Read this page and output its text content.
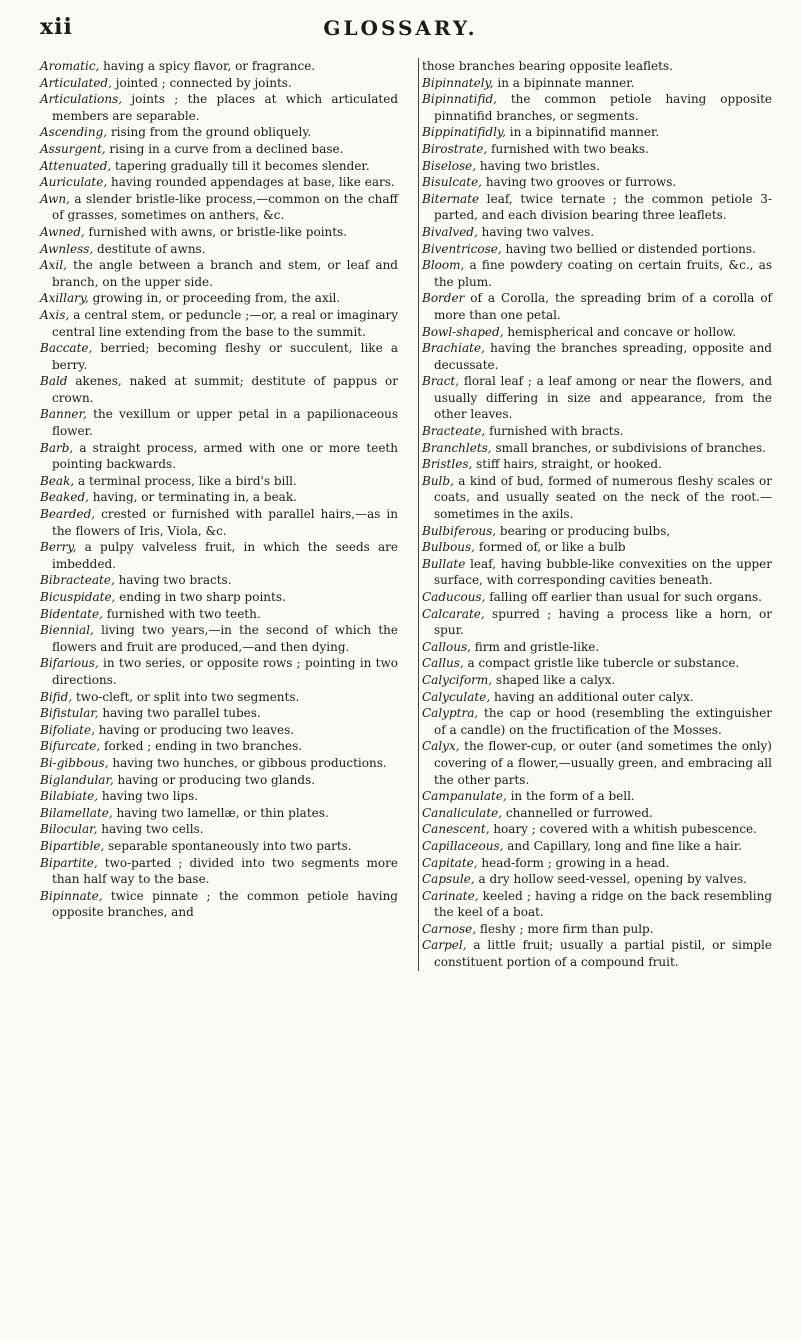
xii	GLOSSARY.

Aromatic, having a spicy flavor, or fragrance.

Articulated, jointed ; connected by joints.

Articulations, joints ; the places at which articulated members are separable.

Ascending, rising from the ground obliquely.

Assurgent, rising in a curve from a declined base.

Attenuated, tapering gradually till it becomes slender.

Auriculate, having rounded appendages at base, like ears.

Awn, a slender bristle-like process,—common on the chaff of grasses, sometimes on anthers, &c.

Awned, furnished with awns, or bristle-like points.

Awnless, destitute of awns.

Axil, the angle between a branch and stem, or leaf and branch, on the upper side.

Axillary, growing in, or proceeding from, the axil.

Axis, a central stem, or peduncle ;—or, a real or imaginary central line extending from the base to the summit.

Baccate, berried; becoming fleshy or succulent, like a berry.

Bald akenes, naked at summit; destitute of pappus or crown.

Banner, the vexillum or upper petal in a papilionaceous flower.

Barb, a straight process, armed with one or more teeth pointing backwards.

Beak, a terminal process, like a bird's bill.

Beaked, having, or terminating in, a beak.

Bearded, crested or furnished with parallel hairs,—as in the flowers of Iris, Viola, &c.

Berry, a pulpy valveless fruit, in which the seeds are imbedded.

Bibracteate, having two bracts.

Bicuspidate, ending in two sharp points.

Bidentate, furnished with two teeth.

Biennial, living two years,—in the second of which the flowers and fruit are produced,—and then dying.

Bifarious, in two series, or opposite rows ; pointing in two directions.

Bifid, two-cleft, or split into two segments.

Bifistular, having two parallel tubes.

Bifoliate, having or producing two leaves.

Bifurcate, forked ; ending in two branches.

Bi-gibbous, having two hunches, or gibbous productions.

Biglandular, having or producing two glands.

Bilabiate, having two lips.

Bilamellate, having two lamellæ, or thin plates.

Bilocular, having two cells.

Bipartible, separable spontaneously into two parts.

Bipartite, two-parted ; divided into two segments more than half way to the base.

Bipinnate, twice pinnate ; the common petiole having opposite branches, and

those branches bearing opposite leaflets.

Bipinnately, in a bipinnate manner.

Bipinnatifid, the common petiole having opposite pinnatifid branches, or segments.

Bippinatifidly, in a bipinnatifid manner.

Birostrate, furnished with two beaks.

Biselose, having two bristles.

Bisulcate, having two grooves or furrows.

Biternate leaf, twice ternate ; the common petiole 3-parted, and each division bearing three leaflets.

Bivalved, having two valves.

Biventricose, having two bellied or distended portions.

Bloom, a fine powdery coating on certain fruits, &c., as the plum.

Border of a Corolla, the spreading brim of a corolla of more than one petal.

Bowl-shaped, hemispherical and concave or hollow.

Brachiate, having the branches spreading, opposite and decussate.

Bract, floral leaf ; a leaf among or near the flowers, and usually differing in size and appearance, from the other leaves.

Bracteate, furnished with bracts.

Branchlets, small branches, or subdivisions of branches.

Bristles, stiff hairs, straight, or hooked.

Bulb, a kind of bud, formed of numerous fleshy scales or coats, and usually seated on the neck of the root.—sometimes in the axils.

Bulbiferous, bearing or producing bulbs,

Bulbous, formed of, or like a bulb

Bullate leaf, having bubble-like convexities on the upper surface, with corresponding cavities beneath.

Caducous, falling off earlier than usual for such organs.

Calcarate, spurred ; having a process like a horn, or spur.

Callous, firm and gristle-like.

Callus, a compact gristle like tubercle or substance.

Calyciform, shaped like a calyx.

Calyculate, having an additional outer calyx.

Calyptra, the cap or hood (resembling the extinguisher of a candle) on the fructification of the Mosses.

Calyx, the flower-cup, or outer (and sometimes the only) covering of a flower,—usually green, and embracing all the other parts.

Campanulate, in the form of a bell.

Canaliculate, channelled or furrowed.

Canescent, hoary ; covered with a whitish pubescence.

Capillaceous, and Capillary, long and fine like a hair.

Capitate, head-form ; growing in a head.

Capsule, a dry hollow seed-vessel, opening by valves.

Carinate, keeled ; having a ridge on the back resembling the keel of a boat.

Carnose, fleshy ; more firm than pulp.

Carpel, a little fruit; usually a partial pistil, or simple constituent portion of a compound fruit.
